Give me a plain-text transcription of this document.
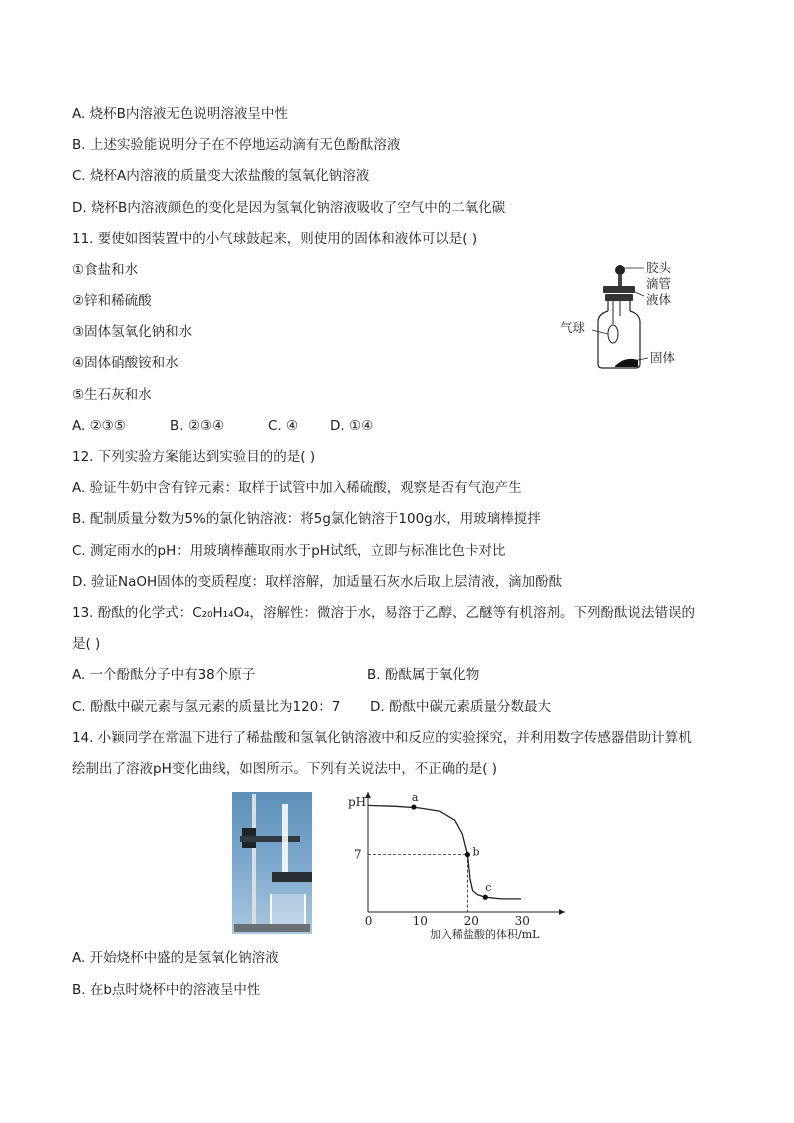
A. 烧杯B内溶液无色说明溶液呈中性
B. 上述实验能说明分子在不停地运动滴有无色酚酞溶液
C. 烧杯A内溶液的质量变大浓盐酸的氢氧化钠溶液
D. 烧杯B内溶液颜色的变化是因为氢氧化钠溶液吸收了空气中的二氧化碳
11. 要使如图装置中的小气球鼓起来，则使用的固体和液体可以是( )
①食盐和水
②锌和稀硫酸
③固体氢氧化钠和水
④固体硝酸铵和水
⑤生石灰和水
A. ②③⑤	B. ②③④	C. ④ D. ①④
胶头
滴管
液体
气球
固体
12. 下列实验方案能达到实验目的的是( )
A. 验证牛奶中含有锌元素：取样于试管中加入稀硫酸，观察是否有气泡产生
B. 配制质量分数为5%的氯化钠溶液：将5g氯化钠溶于100g水，用玻璃棒搅拌
C. 测定雨水的pH：用玻璃棒蘸取雨水于pH试纸，立即与标准比色卡对比
D. 验证NaOH固体的变质程度：取样溶解，加适量石灰水后取上层清液，滴加酚酞
13. 酚酞的化学式：C₂₀H₁₄O₄，溶解性：微溶于水，易溶于乙醇、乙醚等有机溶剂。下列酚酞说法错误的
是( )
A. 一个酚酞分子中有38个原子	B. 酚酞属于氧化物
C. 酚酞中碳元素与氢元素的质量比为120：7 D. 酚酞中碳元素质量分数最大
14. 小颖同学在常温下进行了稀盐酸和氢氧化钠溶液中和反应的实验探究，并利用数字传感器借助计算机
绘制出了溶液pH变化曲线，如图所示。下列有关说法中，不正确的是( )
pH
加入稀盐酸的体积/mL
0	10	20	30
7
a
b
c
A. 开始烧杯中盛的是氢氧化钠溶液
B. 在b点时烧杯中的溶液呈中性
